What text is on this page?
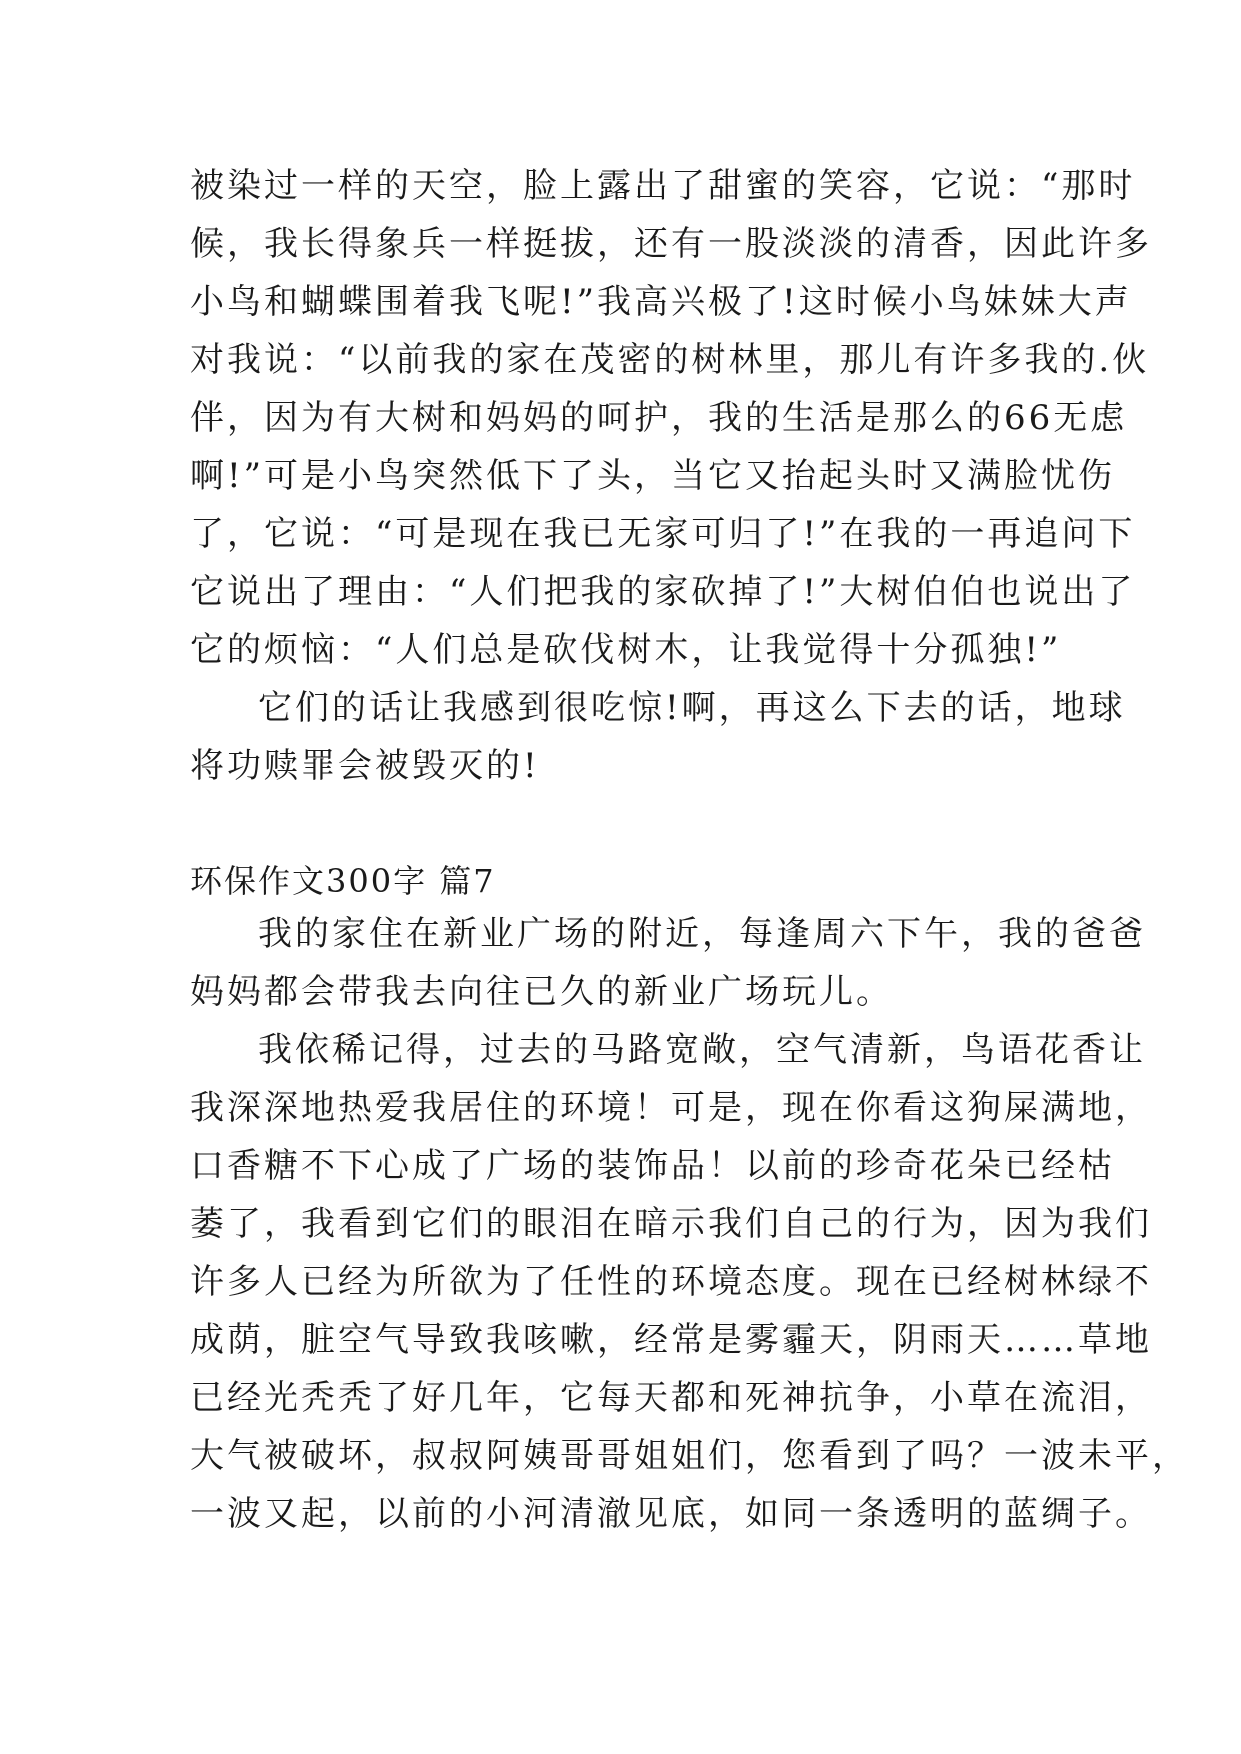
被染过一样的天空，脸上露出了甜蜜的笑容，它说：“那时
候，我长得象兵一样挺拔，还有一股淡淡的清香，因此许多
小鸟和蝴蝶围着我飞呢!”我高兴极了!这时候小鸟妹妹大声
对我说：“以前我的家在茂密的树林里，那儿有许多我的.伙
伴，因为有大树和妈妈的呵护，我的生活是那么的66无虑
啊!”可是小鸟突然低下了头，当它又抬起头时又满脸忧伤
了，它说：“可是现在我已无家可归了!”在我的一再追问下
它说出了理由：“人们把我的家砍掉了!”大树伯伯也说出了
它的烦恼：“人们总是砍伐树木，让我觉得十分孤独!”
它们的话让我感到很吃惊!啊，再这么下去的话，地球
将功赎罪会被毁灭的!
环保作文300字 篇7
我的家住在新业广场的附近，每逢周六下午，我的爸爸
妈妈都会带我去向往已久的新业广场玩儿。
我依稀记得，过去的马路宽敞，空气清新，鸟语花香让
我深深地热爱我居住的环境！可是，现在你看这狗屎满地，
口香糖不下心成了广场的装饰品！以前的珍奇花朵已经枯
萎了，我看到它们的眼泪在暗示我们自己的行为，因为我们
许多人已经为所欲为了任性的环境态度。现在已经树林绿不
成荫，脏空气导致我咳嗽，经常是雾霾天，阴雨天……草地
已经光秃秃了好几年，它每天都和死神抗争，小草在流泪，
大气被破坏，叔叔阿姨哥哥姐姐们，您看到了吗？一波未平，
一波又起，以前的小河清澈见底，如同一条透明的蓝绸子。
